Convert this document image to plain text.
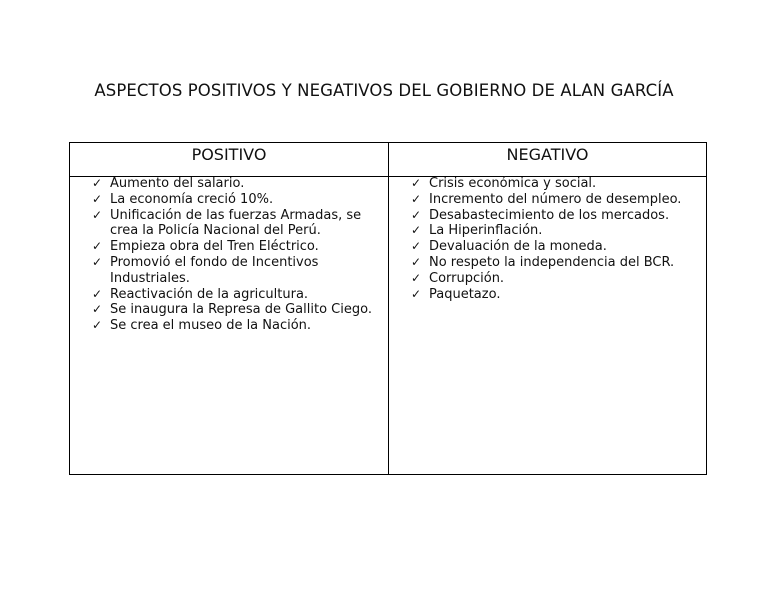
ASPECTOS POSITIVOS Y NEGATIVOS DEL GOBIERNO DE ALAN GARCÍA
POSITIVO
✓ Aumento del salario.
✓ La economía creció 10%.
✓ Unificación de las fuerzas Armadas, se crea la Policía Nacional del Perú.
✓ Empieza obra del Tren Eléctrico.
✓ Promovió el fondo de Incentivos Industriales.
✓ Reactivación de la agricultura.
✓ Se inaugura la Represa de Gallito Ciego.
✓ Se crea el museo de la Nación.
NEGATIVO
✓ Crisis económica y social.
✓ Incremento del número de desempleo.
✓ Desabastecimiento de los mercados.
✓ La Hiperinflación.
✓ Devaluación de la moneda.
✓ No respeto la independencia del BCR.
✓ Corrupción.
✓ Paquetazo.
